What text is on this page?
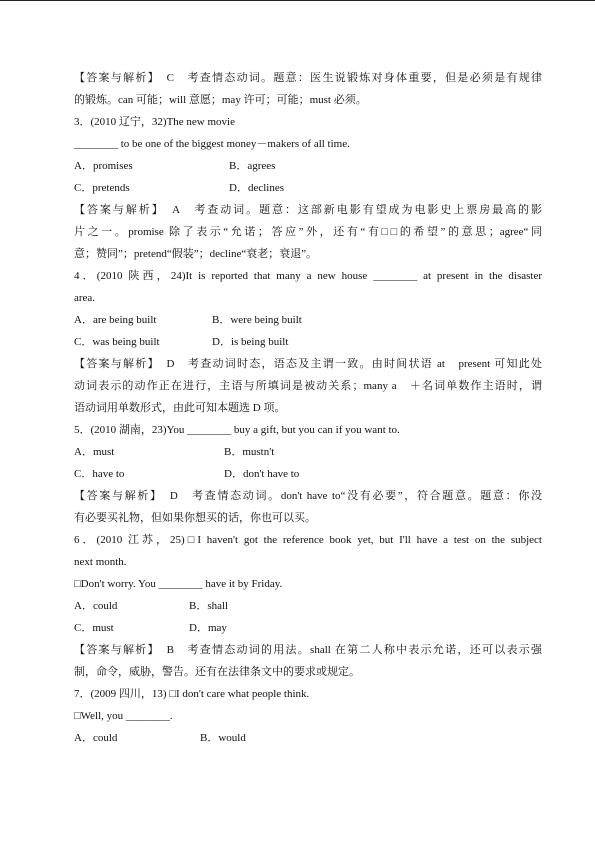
【答案与解析】　C　考查情态动词。题意：医生说锻炼对身体重要，但是必须是有规律
的锻炼。can 可能；will 意愿；may 许可；可能；must 必须。
3．(2010 辽宁，32)The new movie
________ to be one of the biggest money－makers of all time.
A．promises	B．agrees
C．pretends	D．declines
【答案与解析】　A　考查动词。题意：这部新电影有望成为电影史上票房最高的影
片之一。promise 除了表示“允诺；答应”外，还有“有□□的希望”的意思；agree“同
意；赞同”；pretend“假装”；decline“衰老；衰退”。
4．(2010 陕西，24)It is reported that many a new house ________ at present in the disaster
area.
A．are being built	B．were being built
C．was being built	D．is being built
【答案与解析】　D　考查动词时态，语态及主谓一致。由时间状语 at　present 可知此处
动词表示的动作正在进行，主语与所填词是被动关系；many a　＋名词单数作主语时，谓
语动词用单数形式，由此可知本题选 D 项。
5．(2010 湖南，23)You ________ buy a gift, but you can if you want to.
A．must	B．mustn't
C．have to	D．don't have to
【答案与解析】　D　考查情态动词。don't have to“没有必要”，符合题意。题意：你没
有必要买礼物，但如果你想买的话，你也可以买。
6．(2010 江苏，25)□I haven't got the reference book yet, but I'll have a test on the subject
next month.
□Don't worry. You ________ have it by Friday.
A．could	B．shall
C．must	D．may
【答案与解析】　B　考查情态动词的用法。shall 在第二人称中表示允诺，还可以表示强
制，命令，威胁，警告。还有在法律条文中的要求或规定。
7．(2009 四川，13) □I don't care what people think.
□Well, you ________.
A．could	B．would
